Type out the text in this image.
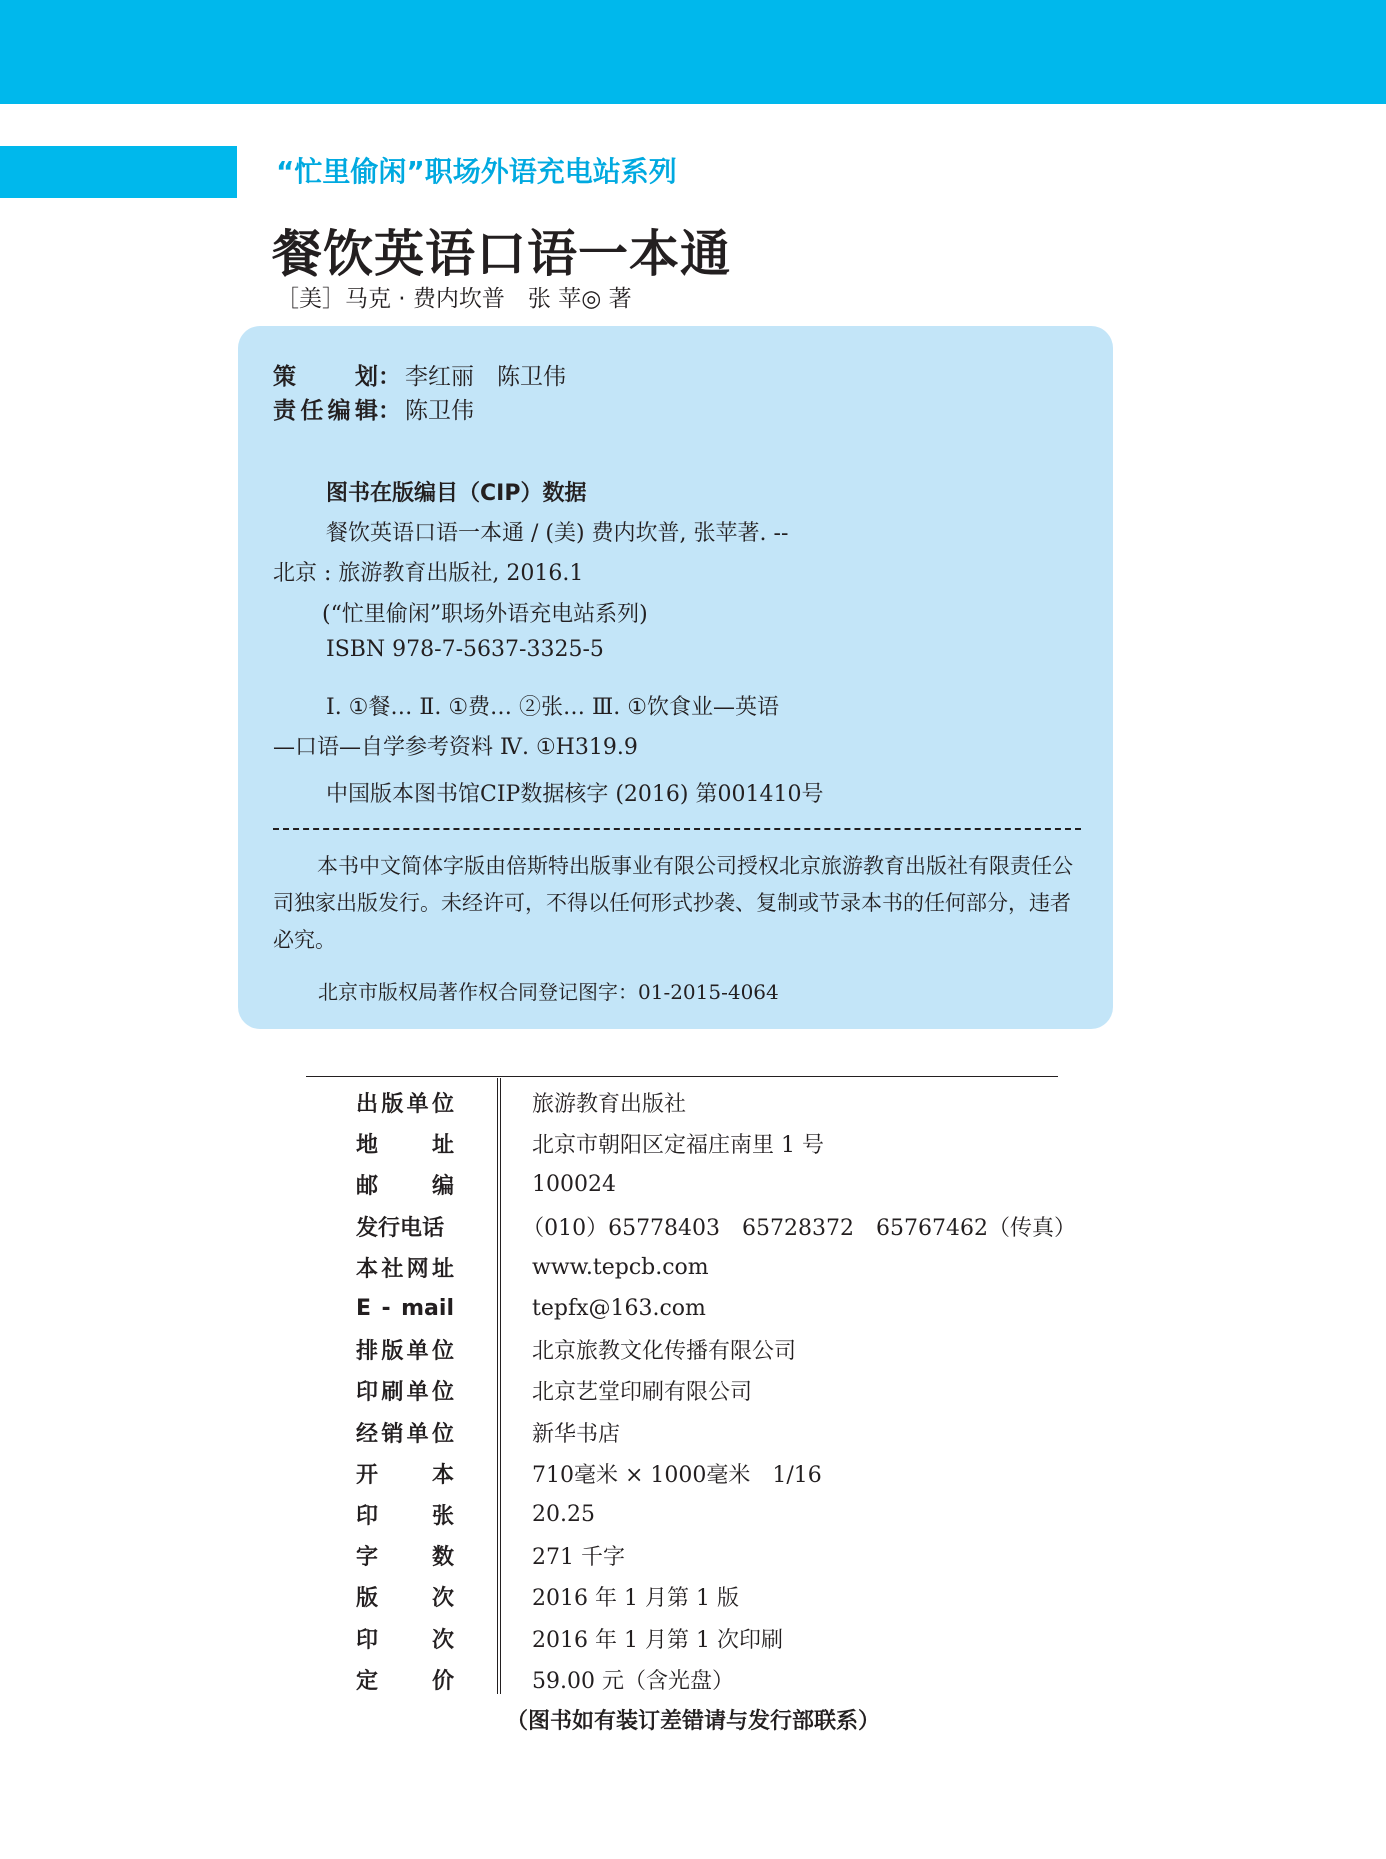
“忙里偷闲”职场外语充电站系列
餐饮英语口语一本通
［美］马克 · 费内坎普　张 苹◎ 著
策划： 李红丽　陈卫伟
责任编辑： 陈卫伟
图书在版编目（CIP）数据
餐饮英语口语一本通 / (美) 费内坎普, 张苹著. --
北京 : 旅游教育出版社, 2016.1
(“忙里偷闲”职场外语充电站系列)
ISBN 978-7-5637-3325-5
Ⅰ. ①餐… Ⅱ. ①费… ②张… Ⅲ. ①饮食业—英语
—口语—自学参考资料 Ⅳ. ①H319.9
中国版本图书馆CIP数据核字 (2016) 第001410号
本书中文简体字版由倍斯特出版事业有限公司授权北京旅游教育出版社有限责任公司独家出版发行。未经许可，不得以任何形式抄袭、复制或节录本书的任何部分，违者必究。
北京市版权局著作权合同登记图字：01-2015-4064
出版单位	旅游教育出版社
地址	北京市朝阳区定福庄南里 1 号
邮编	100024
发行电话	（010）65778403　65728372　65767462（传真）
本社网址	www.tepcb.com
E - mail	tepfx@163.com
排版单位	北京旅教文化传播有限公司
印刷单位	北京艺堂印刷有限公司
经销单位	新华书店
开本	710毫米 × 1000毫米　1/16
印张	20.25
字数	271 千字
版次	2016 年 1 月第 1 版
印次	2016 年 1 月第 1 次印刷
定价	59.00 元（含光盘）
（图书如有装订差错请与发行部联系）
